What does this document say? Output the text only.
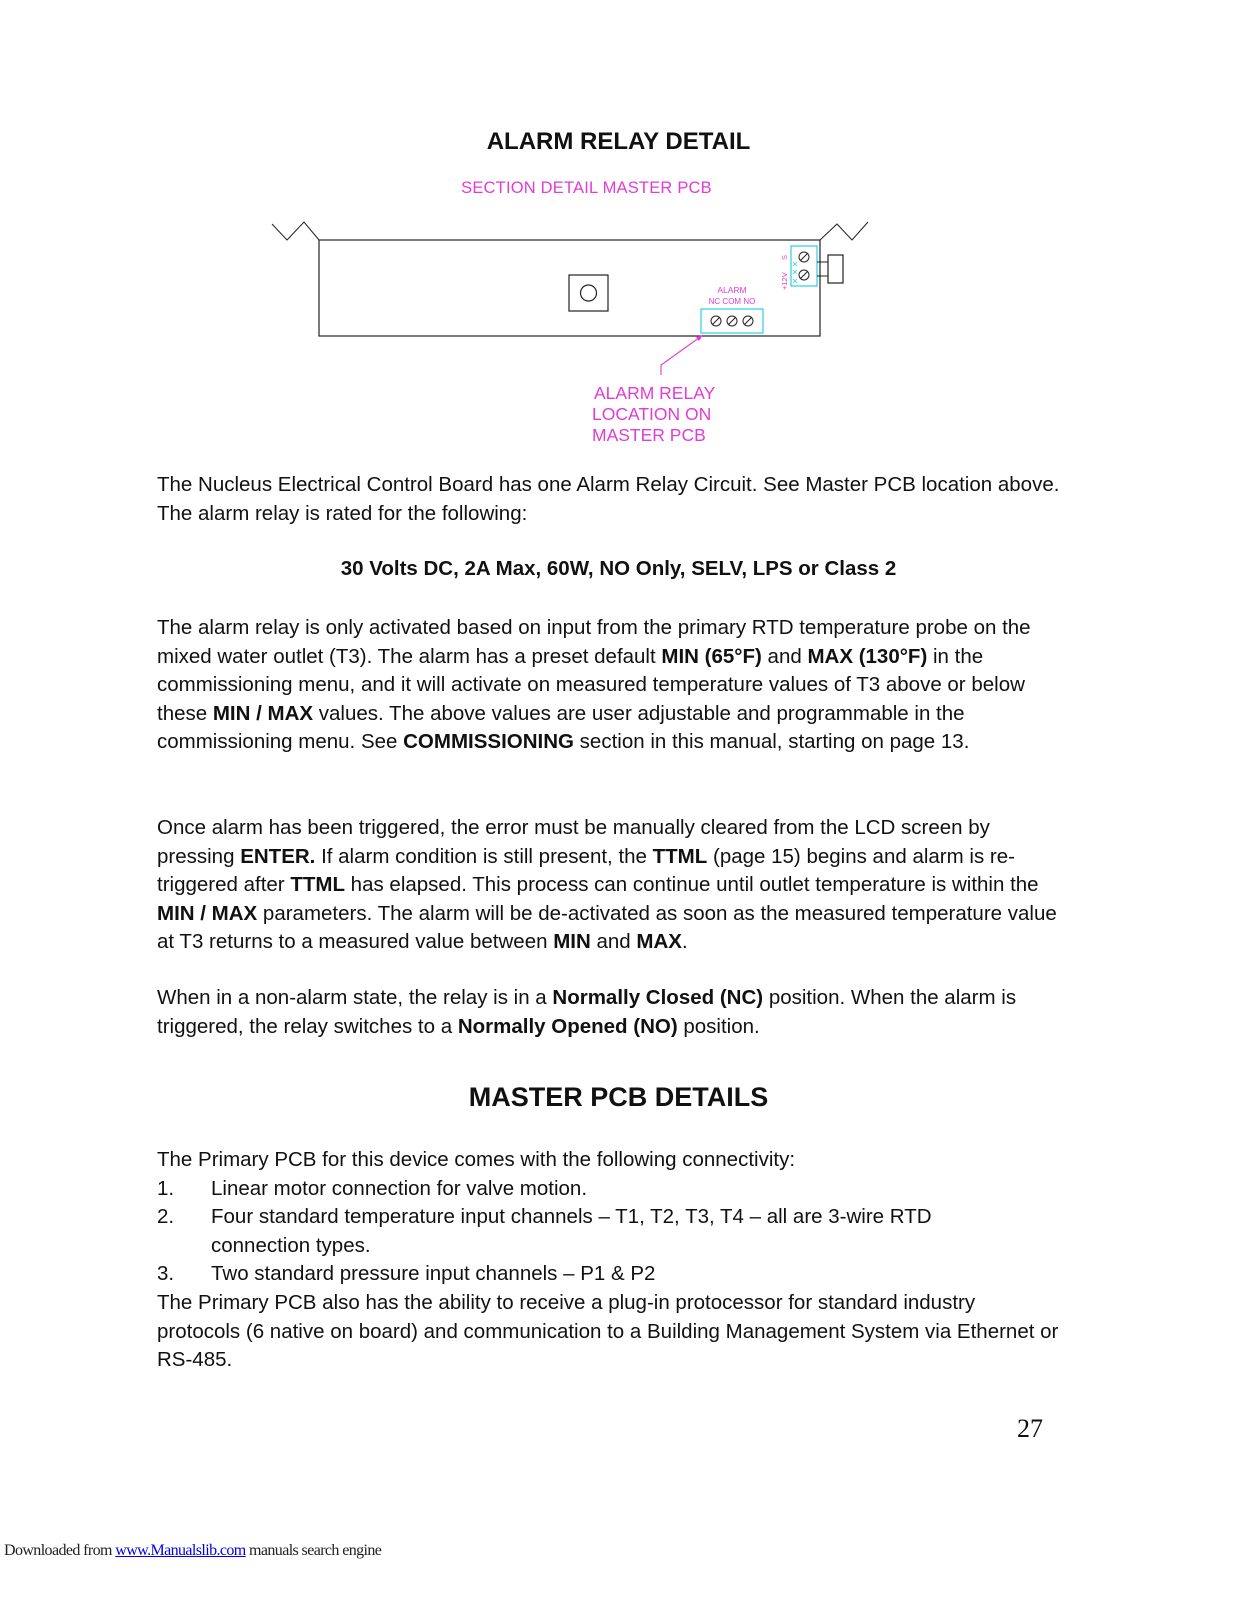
ALARM RELAY DETAIL
SECTION DETAIL MASTER PCB
+12V
S
ALARM
NC COM NO
ALARM RELAY
LOCATION ON
MASTER PCB
The Nucleus Electrical Control Board has one Alarm Relay Circuit. See Master PCB location above. The alarm relay is rated for the following:
30 Volts DC, 2A Max, 60W, NO Only, SELV, LPS or Class 2
The alarm relay is only activated based on input from the primary RTD temperature probe on the mixed water outlet (T3). The alarm has a preset default MIN (65°F) and MAX (130°F) in the commissioning menu, and it will activate on measured temperature values of T3 above or below these MIN / MAX values. The above values are user adjustable and programmable in the commissioning menu. See COMMISSIONING section in this manual, starting on page 13.
Once alarm has been triggered, the error must be manually cleared from the LCD screen by pressing ENTER. If alarm condition is still present, the TTML (page 15) begins and alarm is re-triggered after TTML has elapsed. This process can continue until outlet temperature is within the MIN / MAX parameters. The alarm will be de-activated as soon as the measured temperature value at T3 returns to a measured value between MIN and MAX.
When in a non-alarm state, the relay is in a Normally Closed (NC) position. When the alarm is triggered, the relay switches to a Normally Opened (NO) position.
MASTER PCB DETAILS
The Primary PCB for this device comes with the following connectivity:
1.	Linear motor connection for valve motion.
2.	Four standard temperature input channels – T1, T2, T3, T4 – all are 3-wire RTD connection types.
3.	Two standard pressure input channels – P1 & P2
The Primary PCB also has the ability to receive a plug-in protocessor for standard industry protocols (6 native on board) and communication to a Building Management System via Ethernet or RS-485.
27
Downloaded from www.Manualslib.com manuals search engine
